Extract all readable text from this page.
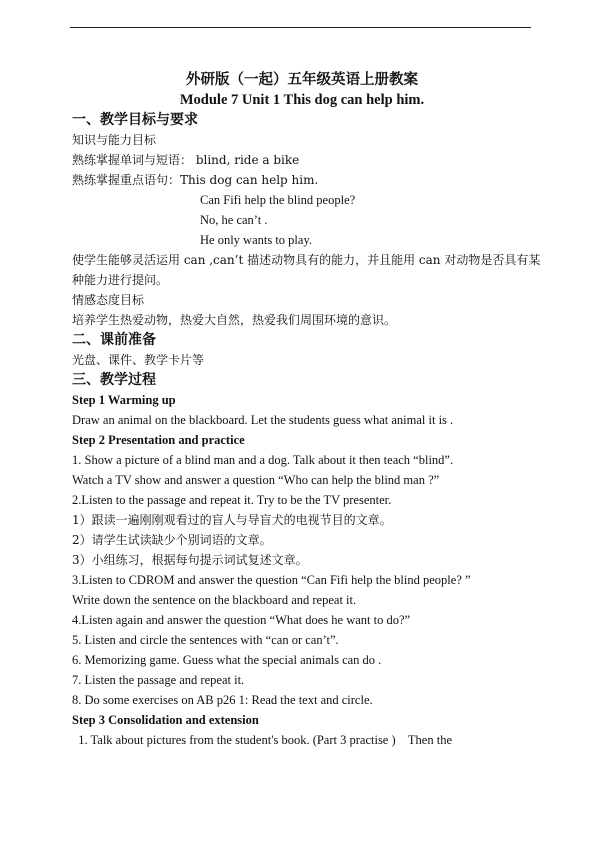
外研版（一起）五年级英语上册教案
Module 7 Unit 1 This dog can help him.
一、教学目标与要求
知识与能力目标
熟练掌握单词与短语： blind, ride a bike
熟练掌握重点语句：This dog can help him.
Can Fifi help the blind people?
No, he can’t .
He only wants to play.
使学生能够灵活运用 can ,can’t 描述动物具有的能力，并且能用 can 对动物是否具有某
种能力进行提问。
情感态度目标
培养学生热爱动物，热爱大自然，热爱我们周围环境的意识。
二、课前准备
光盘、课件、教学卡片等
三、教学过程
Step 1 Warming up
Draw an animal on the blackboard. Let the students guess what animal it is .
Step 2 Presentation and practice
1. Show a picture of a blind man and a dog. Talk about it then teach “blind”.
Watch a TV show and answer a question “Who can help the blind man ?”
2.Listen to the passage and repeat it. Try to be the TV presenter.
1）跟读一遍刚刚观看过的盲人与导盲犬的电视节目的文章。
2）请学生试读缺少个别词语的文章。
3）小组练习，根据每句提示词试复述文章。
3.Listen to CDROM and answer the question “Can Fifi help the blind people? ”
Write down the sentence on the blackboard and repeat it.
4.Listen again and answer the question “What does he want to do?”
5. Listen and circle the sentences with “can or can’t”.
6. Memorizing game. Guess what the special animals can do .
7. Listen the passage and repeat it.
8. Do some exercises on AB p26 1: Read the text and circle.
Step 3 Consolidation and extension
1. Talk about pictures from the student's book. (Part 3 practise )    Then the
